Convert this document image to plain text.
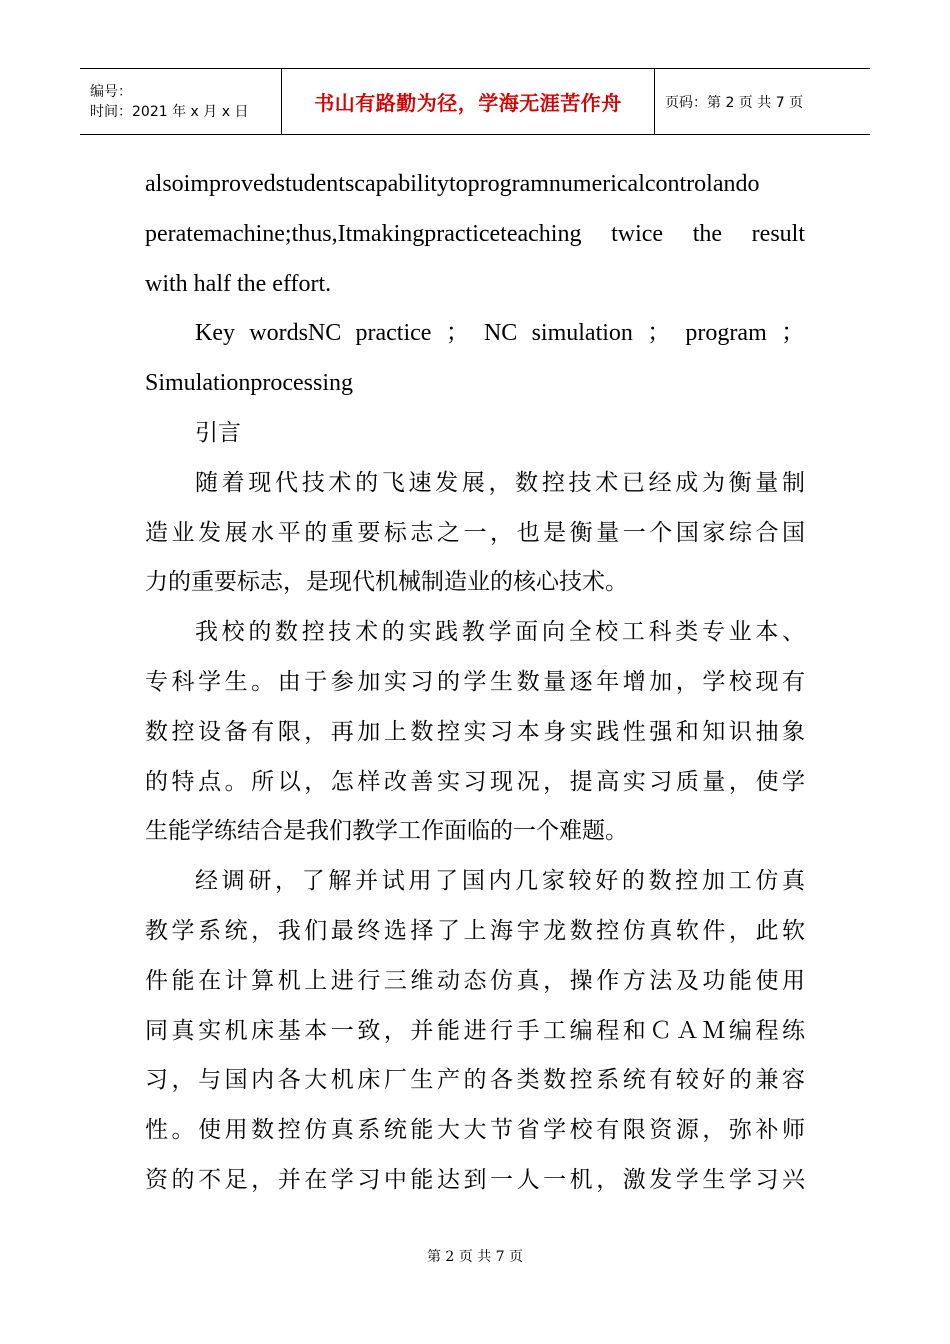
编号：
时间：2021 年 x 月 x 日	书山有路勤为径，学海无涯苦作舟	页码：第 2 页 共 7 页
alsoimprovedstudentscapabilitytoprogramnumericalcontrolando
peratemachine;thus,Itmakingpracticeteaching twice the result
with half the effort.
Key wordsNC practice ； NC simulation ； program ；
Simulationprocessing
引言
随着现代技术的飞速发展，数控技术已经成为衡量制
造业发展水平的重要标志之一，也是衡量一个国家综合国
力的重要标志，是现代机械制造业的核心技术。
我校的数控技术的实践教学面向全校工科类专业本、
专科学生。由于参加实习的学生数量逐年增加，学校现有
数控设备有限，再加上数控实习本身实践性强和知识抽象
的特点。所以，怎样改善实习现况，提高实习质量，使学
生能学练结合是我们教学工作面临的一个难题。
经调研，了解并试用了国内几家较好的数控加工仿真
教学系统，我们最终选择了上海宇龙数控仿真软件，此软
件能在计算机上进行三维动态仿真，操作方法及功能使用
同真实机床基本一致，并能进行手工编程和ＣＡＭ编程练
习，与国内各大机床厂生产的各类数控系统有较好的兼容
性。使用数控仿真系统能大大节省学校有限资源，弥补师
资的不足，并在学习中能达到一人一机，激发学生学习兴
第 2 页 共 7 页
